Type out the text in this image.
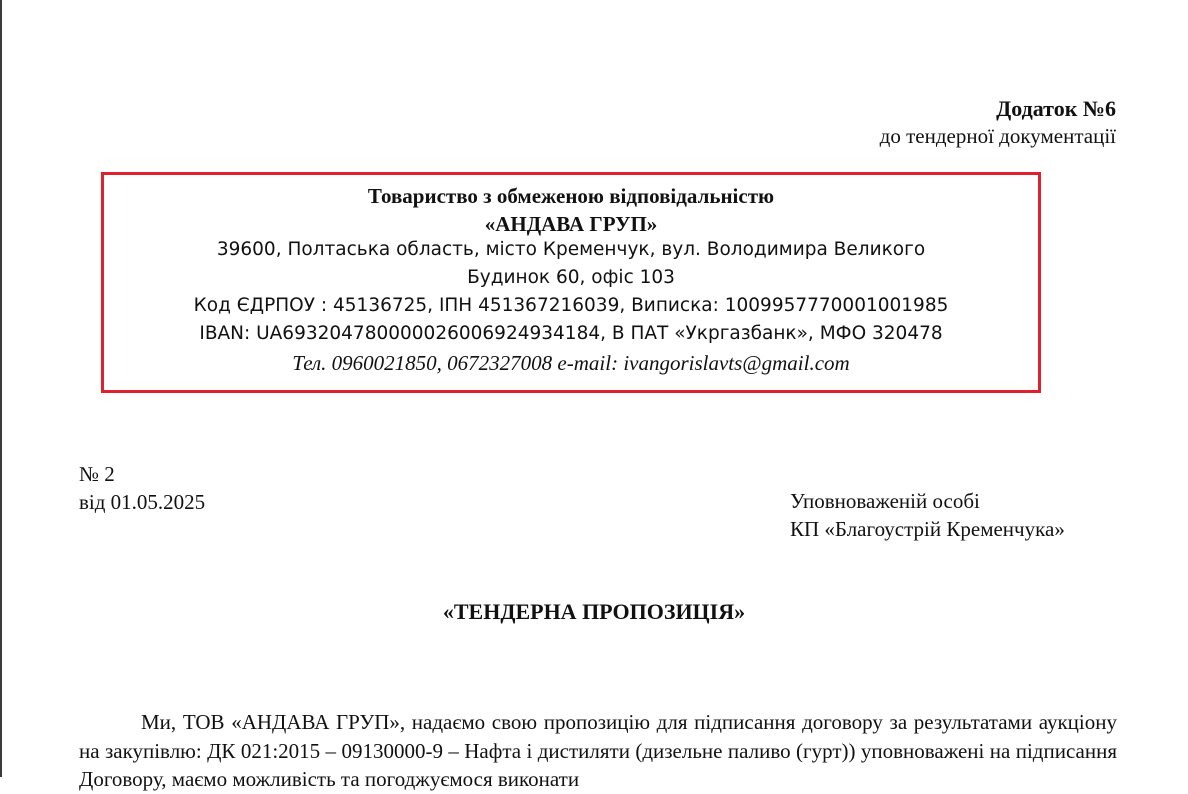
Додаток №6
до тендерної документації
Товариство з обмеженою відповідальністю
«АНДАВА ГРУП»
39600, Полтаська область, місто Кременчук, вул. Володимира Великого
Будинок 60, офіс 103
Код ЄДРПОУ : 45136725, ІПН 451367216039, Виписка: 1009957770001001985
IBAN: UA693204780000026006924934184, В ПАТ «Укргазбанк», МФО 320478
Тел. 0960021850, 0672327008 e-mail: ivangorislavts@gmail.com
№ 2
від 01.05.2025	Уповноваженій особі
КП «Благоустрій Кременчука»
«ТЕНДЕРНА ПРОПОЗИЦІЯ»
Ми, ТОВ «АНДАВА ГРУП», надаємо свою пропозицію для підписання договору за результатами аукціону на закупівлю: ДК 021:2015 – 09130000-9 – Нафта і дистиляти (дизельне паливо (гурт)) уповноважені на підписання Договору, маємо можливість та погоджуємося виконати
